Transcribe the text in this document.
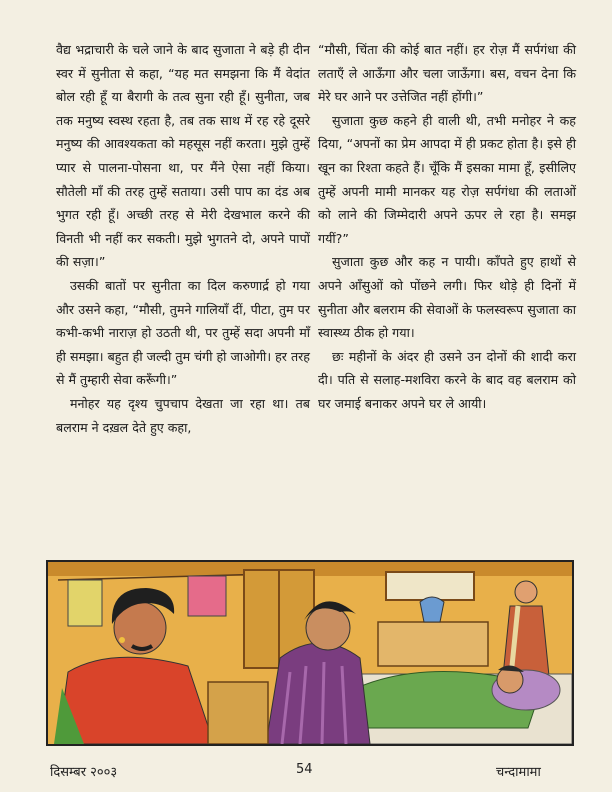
वैद्य भद्राचारी के चले जाने के बाद सुजाता ने बड़े ही दीन स्वर में सुनीता से कहा, “यह मत समझना कि मैं वेदांत बोल रही हूँ या बैरागी के तत्व सुना रही हूँ। सुनीता, जब तक मनुष्य स्वस्थ रहता है, तब तक साथ में रह रहे दूसरे मनुष्य की आवश्यकता को महसूस नहीं करता। मुझे तुम्हें प्यार से पालना-पोसना था, पर मैंने ऐसा नहीं किया। सौतेली माँ की तरह तुम्हें सताया। उसी पाप का दंड अब भुगत रही हूँ। अच्छी तरह से मेरी देखभाल करने की विनती भी नहीं कर सकती। मुझे भुगतने दो, अपने पापों की सज़ा।”

उसकी बातों पर सुनीता का दिल करुणार्द्र हो गया और उसने कहा, “मौसी, तुमने गालियाँ दीं, पीटा, तुम पर कभी-कभी नाराज़ हो उठती थी, पर तुम्हें सदा अपनी माँ ही समझा। बहुत ही जल्दी तुम चंगी हो जाओगी। हर तरह से मैं तुम्हारी सेवा करूँगी।”

मनोहर यह दृश्य चुपचाप देखता जा रहा था। तब बलराम ने दख़ल देते हुए कहा,

“मौसी, चिंता की कोई बात नहीं। हर रोज़ मैं सर्पगंधा की लताएँ ले आऊँगा और चला जाऊँगा। बस, वचन देना कि मेरे घर आने पर उत्तेजित नहीं होंगी।”

सुजाता कुछ कहने ही वाली थी, तभी मनोहर ने कह दिया, “अपनों का प्रेम आपदा में ही प्रकट होता है। इसे ही खून का रिश्ता कहते हैं। चूँकि मैं इसका मामा हूँ, इसीलिए तुम्हें अपनी मामी मानकर यह रोज़ सर्पगंधा की लताओं को लाने की जिम्मेदारी अपने ऊपर ले रहा है। समझ गयीं?”

सुजाता कुछ और कह न पायी। काँपते हुए हाथों से अपने आँसुओं को पोंछने लगी। फिर थोड़े ही दिनों में सुनीता और बलराम की सेवाओं के फलस्वरूप सुजाता का स्वास्थ्य ठीक हो गया।

छः महीनों के अंदर ही उसने उन दोनों की शादी करा दी। पति से सलाह-मशविरा करने के बाद वह बलराम को घर जमाई बनाकर अपने घर ले आयी।

दिसम्बर २००३	54	चन्दामामा
